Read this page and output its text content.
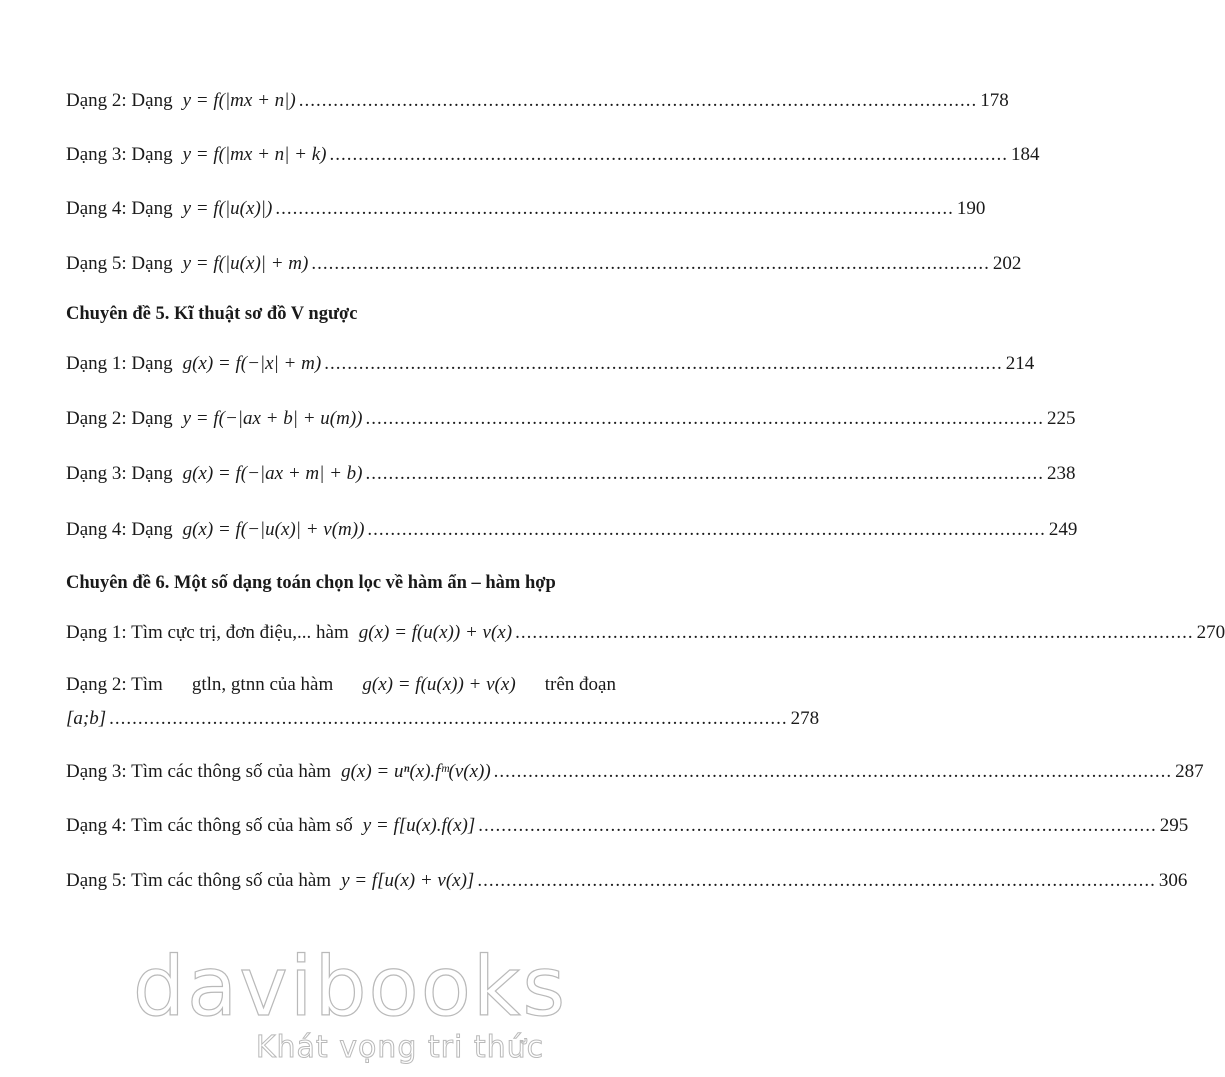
Dạng 2: Dạng y = f(|mx + n|) ...................................................................................................................... 178
Dạng 3: Dạng y = f(|mx + n| + k) ...................................................................................................................... 184
Dạng 4: Dạng y = f(|u(x)|) ...................................................................................................................... 190
Dạng 5: Dạng y = f(|u(x)| + m) ...................................................................................................................... 202
Chuyên đề 5. Kĩ thuật sơ đồ V ngược
Dạng 1: Dạng g(x) = f(−|x| + m) ...................................................................................................................... 214
Dạng 2: Dạng y = f(−|ax + b| + u(m)) ...................................................................................................................... 225
Dạng 3: Dạng g(x) = f(−|ax + m| + b) ...................................................................................................................... 238
Dạng 4: Dạng g(x) = f(−|u(x)| + v(m)) ...................................................................................................................... 249
Chuyên đề 6. Một số dạng toán chọn lọc về hàm ẩn – hàm hợp
Dạng 1: Tìm cực trị, đơn điệu,... hàm g(x) = f(u(x)) + v(x) ...................................................................................................................... 270
Dạng 2: Tìm gtln, gtnn của hàm g(x) = f(u(x)) + v(x) trên đoạn
[a;b] ...................................................................................................................... 278
Dạng 3: Tìm các thông số của hàm g(x) = uⁿ(x).fᵐ(v(x)) ...................................................................................................................... 287
Dạng 4: Tìm các thông số của hàm số y = f[u(x).f(x)] ...................................................................................................................... 295
Dạng 5: Tìm các thông số của hàm y = f[u(x) + v(x)] ...................................................................................................................... 306
davibooks
Khát vọng tri thức
